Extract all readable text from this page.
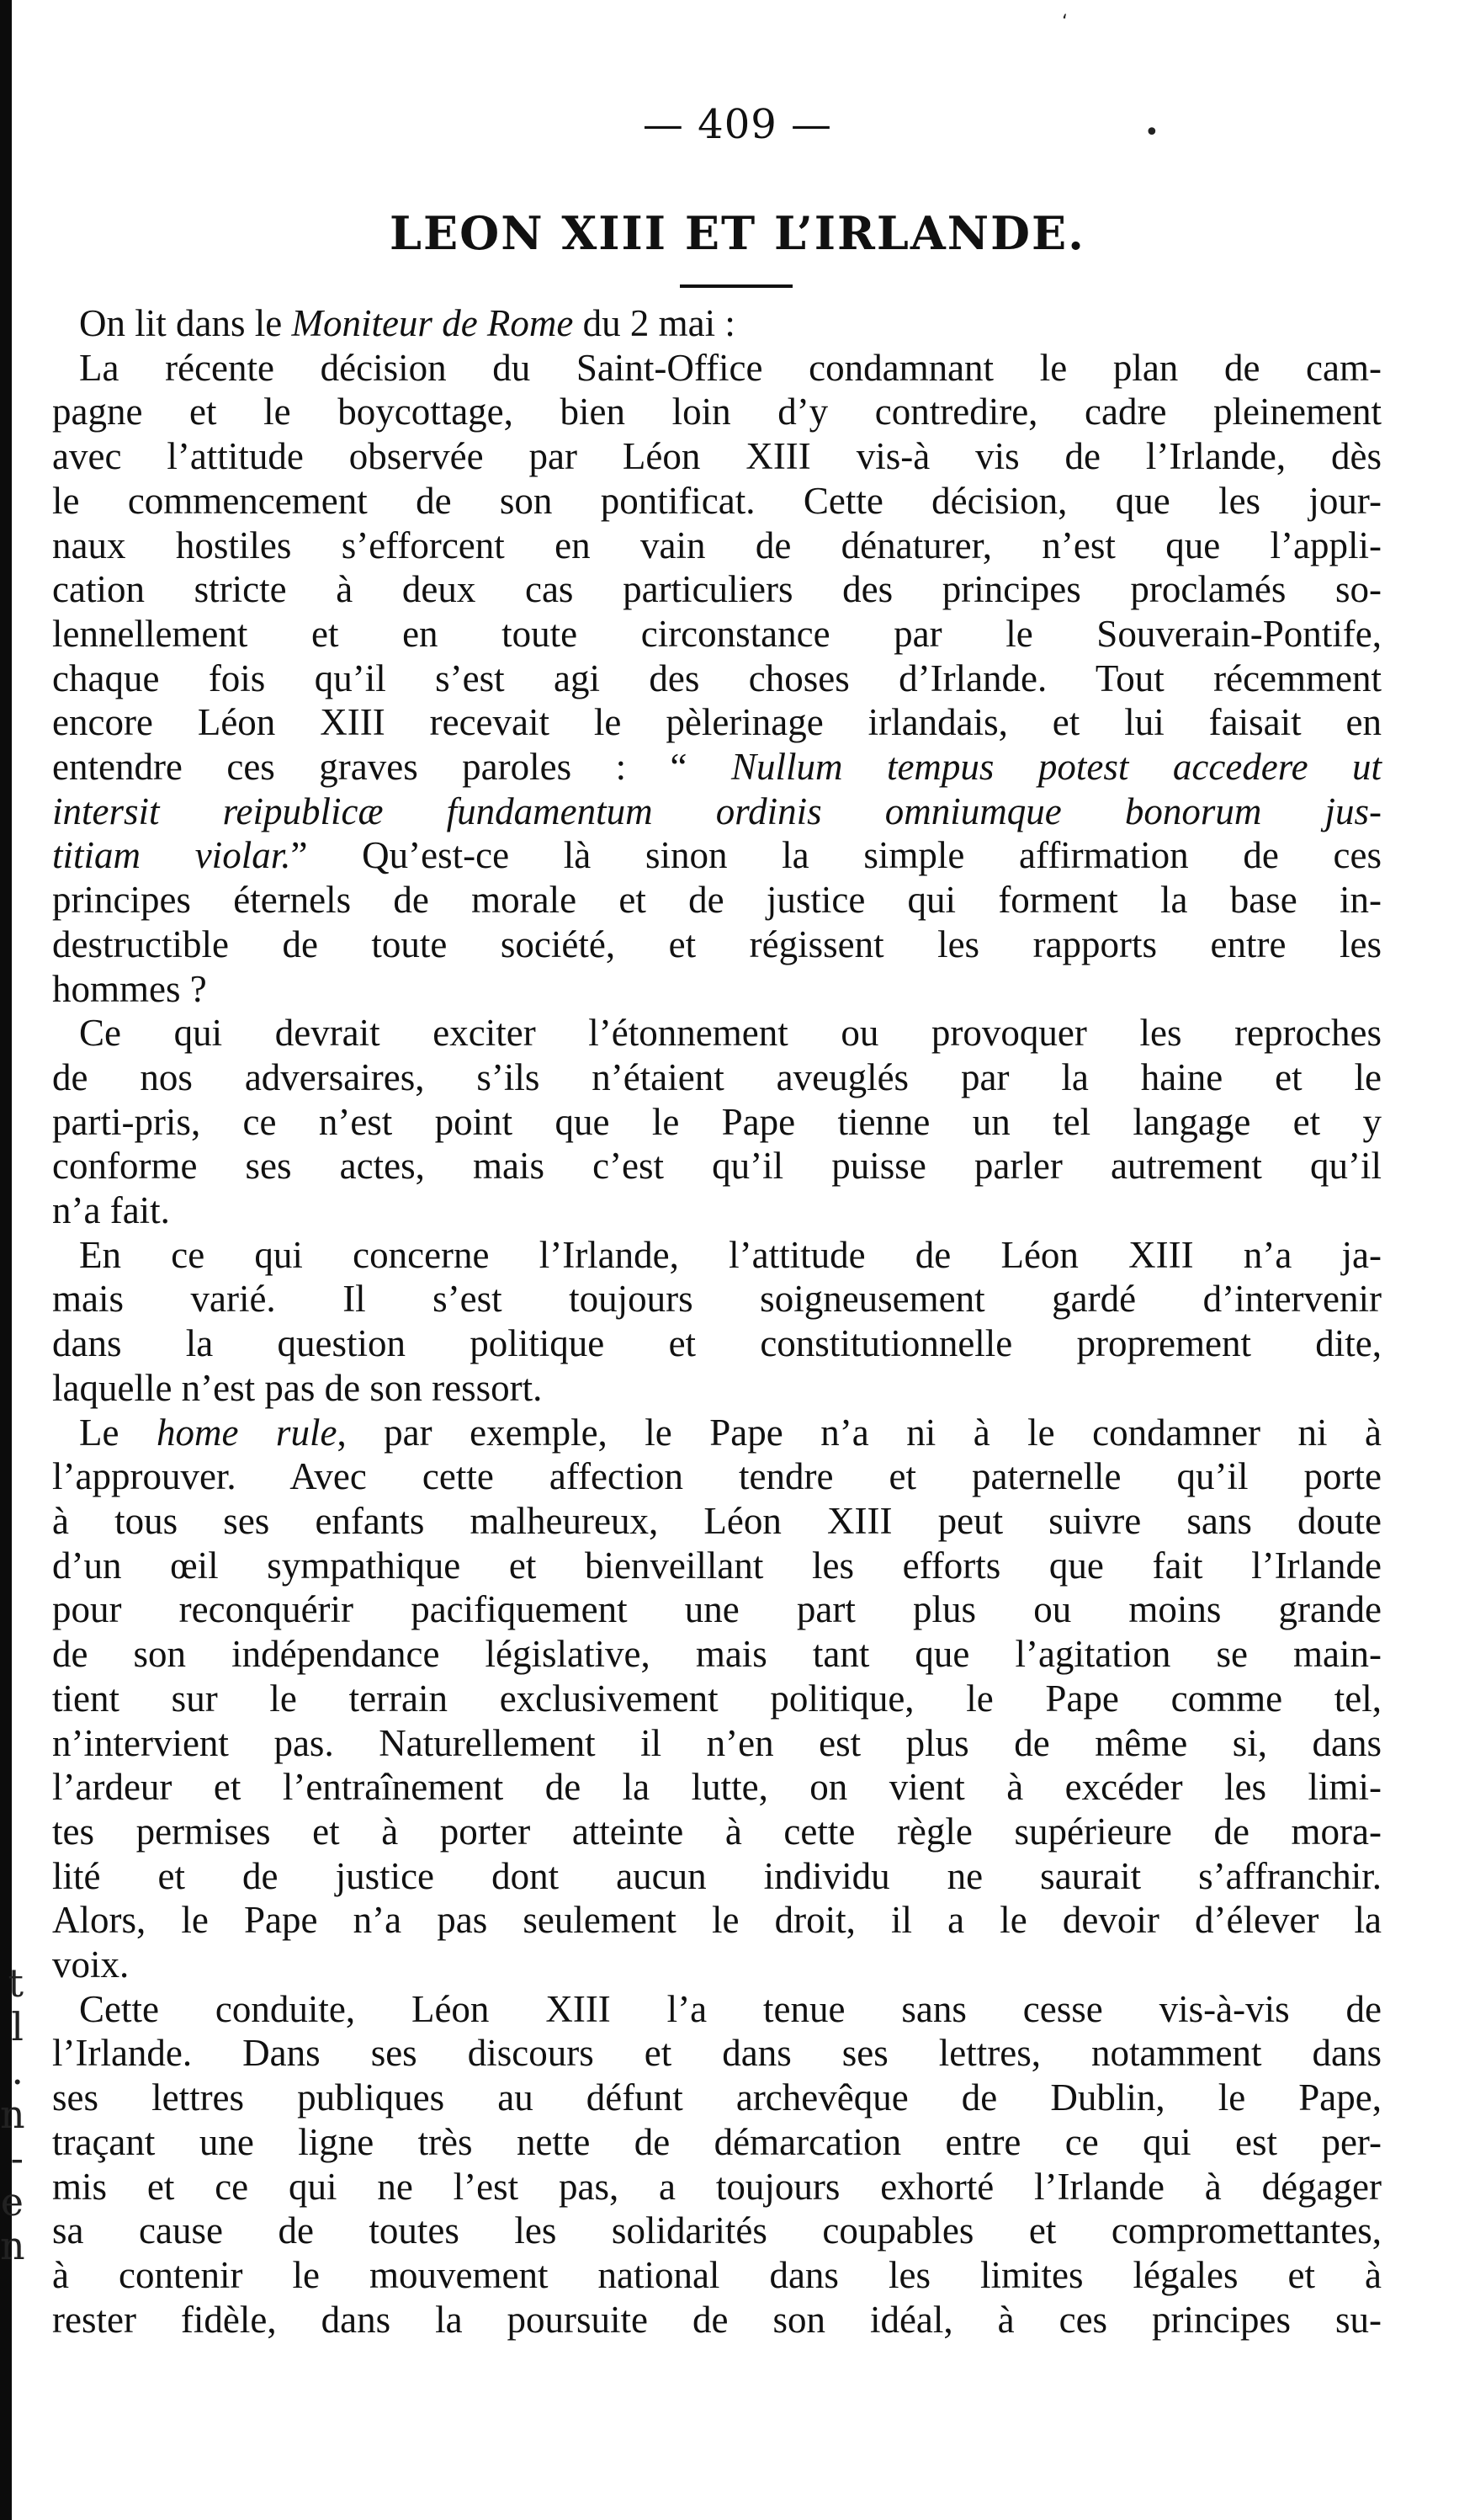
t
l
.
n
-
e
n
‘
•
— 409 —
LEON XIII ET L’IRLANDE.
On lit dans le Moniteur de Rome du 2 mai :
La récente décision du Saint-Office condamnant le plan de cam-
pagne et le boycottage, bien loin d’y contredire, cadre pleinement
avec l’attitude observée par Léon XIII vis-à vis de l’Irlande, dès
le commencement de son pontificat. Cette décision, que les jour-
naux hostiles s’efforcent en vain de dénaturer, n’est que l’appli-
cation stricte à deux cas particuliers des principes proclamés so-
lennellement et en toute circonstance par le Souverain-Pontife,
chaque fois qu’il s’est agi des choses d’Irlande. Tout récemment
encore Léon XIII recevait le pèlerinage irlandais, et lui faisait en
entendre ces graves paroles : “ Nullum tempus potest accedere ut
intersit reipublicæ fundamentum ordinis omniumque bonorum jus-
titiam violar.” Qu’est-ce là sinon la simple affirmation de ces
principes éternels de morale et de justice qui forment la base in-
destructible de toute société, et régissent les rapports entre les
hommes ?
Ce qui devrait exciter l’étonnement ou provoquer les reproches
de nos adversaires, s’ils n’étaient aveuglés par la haine et le
parti-pris, ce n’est point que le Pape tienne un tel langage et y
conforme ses actes, mais c’est qu’il puisse parler autrement qu’il
n’a fait.
En ce qui concerne l’Irlande, l’attitude de Léon XIII n’a ja-
mais varié. Il s’est toujours soigneusement gardé d’intervenir
dans la question politique et constitutionnelle proprement dite,
laquelle n’est pas de son ressort.
Le home rule, par exemple, le Pape n’a ni à le condamner ni à
l’approuver. Avec cette affection tendre et paternelle qu’il porte
à tous ses enfants malheureux, Léon XIII peut suivre sans doute
d’un œil sympathique et bienveillant les efforts que fait l’Irlande
pour reconquérir pacifiquement une part plus ou moins grande
de son indépendance législative, mais tant que l’agitation se main-
tient sur le terrain exclusivement politique, le Pape comme tel,
n’intervient pas. Naturellement il n’en est plus de même si, dans
l’ardeur et l’entraînement de la lutte, on vient à excéder les limi-
tes permises et à porter atteinte à cette règle supérieure de mora-
lité et de justice dont aucun individu ne saurait s’affranchir.
Alors, le Pape n’a pas seulement le droit, il a le devoir d’élever la
voix.
Cette conduite, Léon XIII l’a tenue sans cesse vis-à-vis de
l’Irlande. Dans ses discours et dans ses lettres, notamment dans
ses lettres publiques au défunt archevêque de Dublin, le Pape,
traçant une ligne très nette de démarcation entre ce qui est per-
mis et ce qui ne l’est pas, a toujours exhorté l’Irlande à dégager
sa cause de toutes les solidarités coupables et compromettantes,
à contenir le mouvement national dans les limites légales et à
rester fidèle, dans la poursuite de son idéal, à ces principes su-
